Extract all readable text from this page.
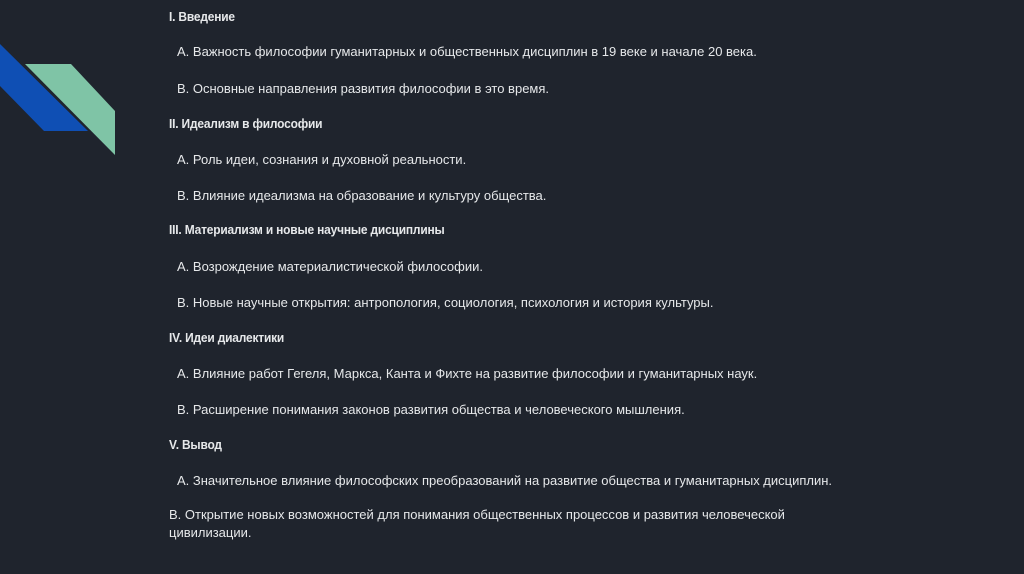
I. Введение
A. Важность философии гуманитарных и общественных дисциплин в 19 веке и начале 20 века.
B. Основные направления развития философии в это время.
II. Идеализм в философии
A. Роль идеи, сознания и духовной реальности.
B. Влияние идеализма на образование и культуру общества.
III. Материализм и новые научные дисциплины
A. Возрождение материалистической философии.
B. Новые научные открытия: антропология, социология, психология и история культуры.
IV. Идеи диалектики
A. Влияние работ Гегеля, Маркса, Канта и Фихте на развитие философии и гуманитарных наук.
B. Расширение понимания законов развития общества и человеческого мышления.
V. Вывод
A. Значительное влияние философских преобразований на развитие общества и гуманитарных дисциплин.
B. Открытие новых возможностей для понимания общественных процессов и развития человеческой цивилизации.
